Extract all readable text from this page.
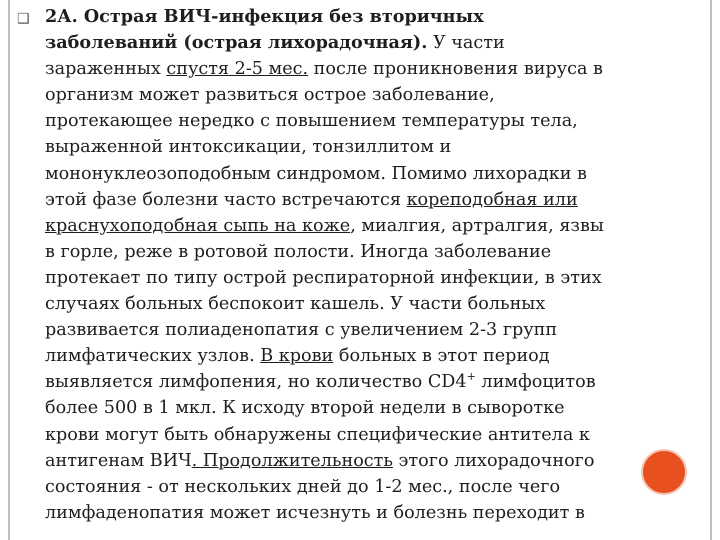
❑ 2А. Острая ВИЧ-инфекция без вторичных
заболеваний (острая лихорадочная). У части
зараженных спустя 2-5 мес. после проникновения вируса в
организм может развиться острое заболевание,
протекающее нередко с повышением температуры тела,
выраженной интоксикации, тонзиллитом и
мононуклеозоподобным синдромом. Помимо лихорадки в
этой фазе болезни часто встречаются кореподобная или
краснухоподобная сыпь на коже, миалгия, артралгия, язвы
в горле, реже в ротовой полости. Иногда заболевание
протекает по типу острой респираторной инфекции, в этих
случаях больных беспокоит кашель. У части больных
развивается полиаденопатия с увеличением 2-3 групп
лимфатических узлов. В крови больных в этот период
выявляется лимфопения, но количество CD4+ лимфоцитов
более 500 в 1 мкл. К исходу второй недели в сыворотке
крови могут быть обнаружены специфические антитела к
антигенам ВИЧ. Продолжительность этого лихорадочного
состояния - от нескольких дней до 1-2 мес., после чего
лимфаденопатия может исчезнуть и болезнь переходит в
